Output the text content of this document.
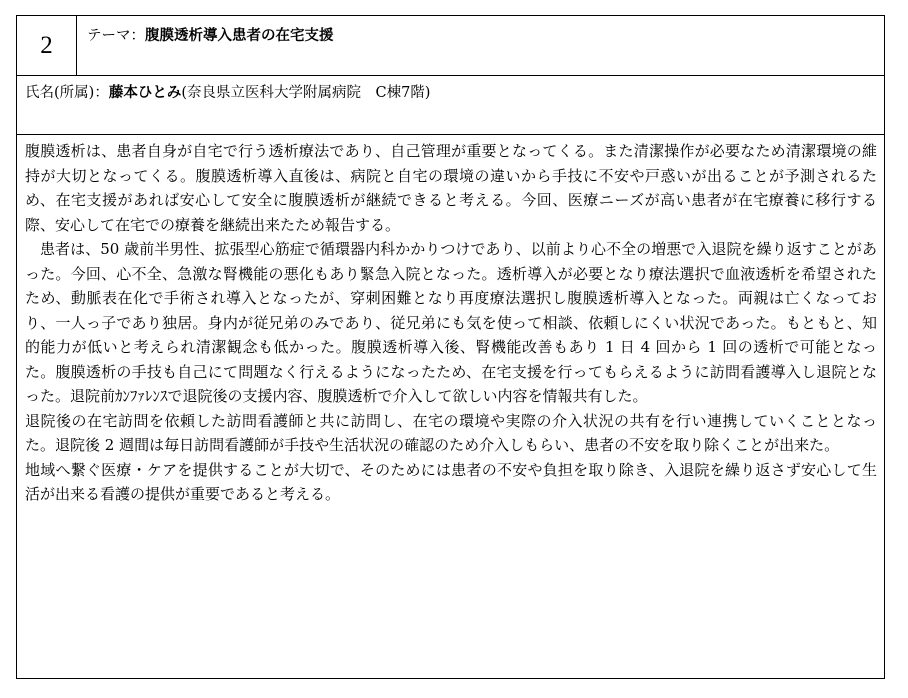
2	テーマ：腹膜透析導入患者の在宅支援
氏名(所属)：藤本ひとみ(奈良県立医科大学附属病院　C棟7階)

腹膜透析は、患者自身が自宅で行う透析療法であり、自己管理が重要となってくる。また清潔操作が必要なため清潔環境の維持が大切となってくる。腹膜透析導入直後は、病院と自宅の環境の違いから手技に不安や戸惑いが出ることが予測されるため、在宅支援があれば安心して安全に腹膜透析が継続できると考える。今回、医療ニーズが高い患者が在宅療養に移行する際、安心して在宅での療養を継続出来たため報告する。

患者は、50 歳前半男性、拡張型心筋症で循環器内科かかりつけであり、以前より心不全の増悪で入退院を繰り返すことがあった。今回、心不全、急激な腎機能の悪化もあり緊急入院となった。透析導入が必要となり療法選択で血液透析を希望されたため、動脈表在化で手術され導入となったが、穿刺困難となり再度療法選択し腹膜透析導入となった。両親は亡くなっており、一人っ子であり独居。身内が従兄弟のみであり、従兄弟にも気を使って相談、依頼しにくい状況であった。もともと、知的能力が低いと考えられ清潔観念も低かった。腹膜透析導入後、腎機能改善もあり 1 日 4 回から 1 回の透析で可能となった。腹膜透析の手技も自己にて問題なく行えるようになったため、在宅支援を行ってもらえるように訪問看護導入し退院となった。退院前ｶﾝﾌｧﾚﾝｽで退院後の支援内容、腹膜透析で介入して欲しい内容を情報共有した。

退院後の在宅訪問を依頼した訪問看護師と共に訪問し、在宅の環境や実際の介入状況の共有を行い連携していくこととなった。退院後 2 週間は毎日訪問看護師が手技や生活状況の確認のため介入しもらい、患者の不安を取り除くことが出来た。

地域へ繋ぐ医療・ケアを提供することが大切で、そのためには患者の不安や負担を取り除き、入退院を繰り返さず安心して生活が出来る看護の提供が重要であると考える。
